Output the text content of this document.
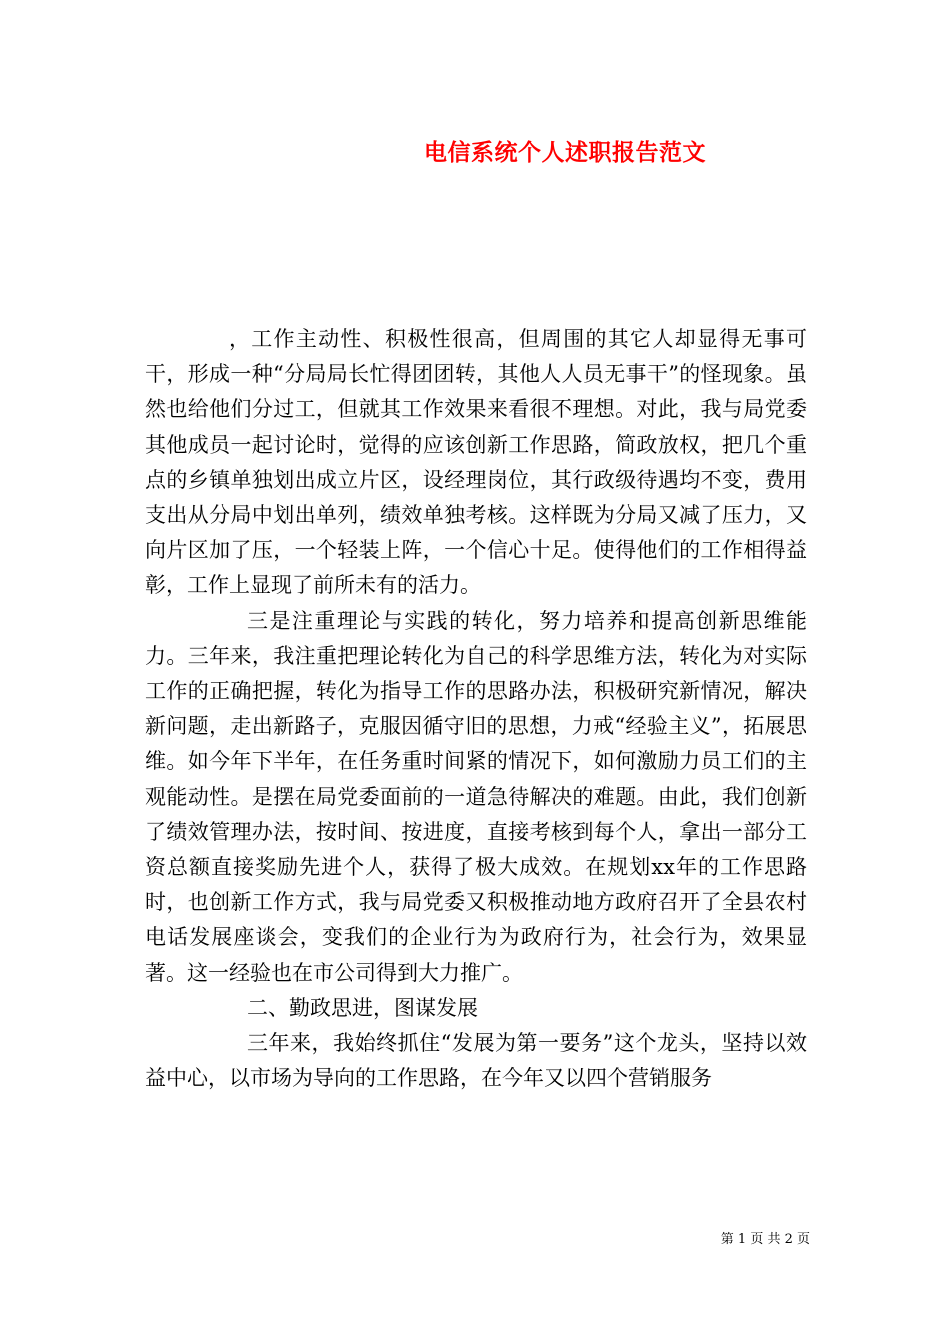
电信系统个人述职报告范文

，工作主动性、积极性很高，但周围的其它人却显得无事可干，形成一种“分局局长忙得团团转，其他人人员无事干”的怪现象。虽然也给他们分过工，但就其工作效果来看很不理想。对此，我与局党委其他成员一起讨论时，觉得的应该创新工作思路，简政放权，把几个重点的乡镇单独划出成立片区，设经理岗位，其行政级待遇均不变，费用支出从分局中划出单列，绩效单独考核。这样既为分局又减了压力，又向片区加了压，一个轻装上阵，一个信心十足。使得他们的工作相得益彰，工作上显现了前所未有的活力。

三是注重理论与实践的转化，努力培养和提高创新思维能力。三年来，我注重把理论转化为自己的科学思维方法，转化为对实际工作的正确把握，转化为指导工作的思路办法，积极研究新情况，解决新问题，走出新路子，克服因循守旧的思想，力戒“经验主义”，拓展思维。如今年下半年，在任务重时间紧的情况下，如何激励力员工们的主观能动性。是摆在局党委面前的一道急待解决的难题。由此，我们创新了绩效管理办法，按时间、按进度，直接考核到每个人，拿出一部分工资总额直接奖励先进个人，获得了极大成效。在规划xx年的工作思路时，也创新工作方式，我与局党委又积极推动地方政府召开了全县农村电话发展座谈会，变我们的企业行为为政府行为，社会行为，效果显著。这一经验也在市公司得到大力推广。

二、勤政思进，图谋发展

三年来，我始终抓住“发展为第一要务”这个龙头，坚持以效益中心，以市场为导向的工作思路，在今年又以四个营销服务

第 1 页 共 2 页
